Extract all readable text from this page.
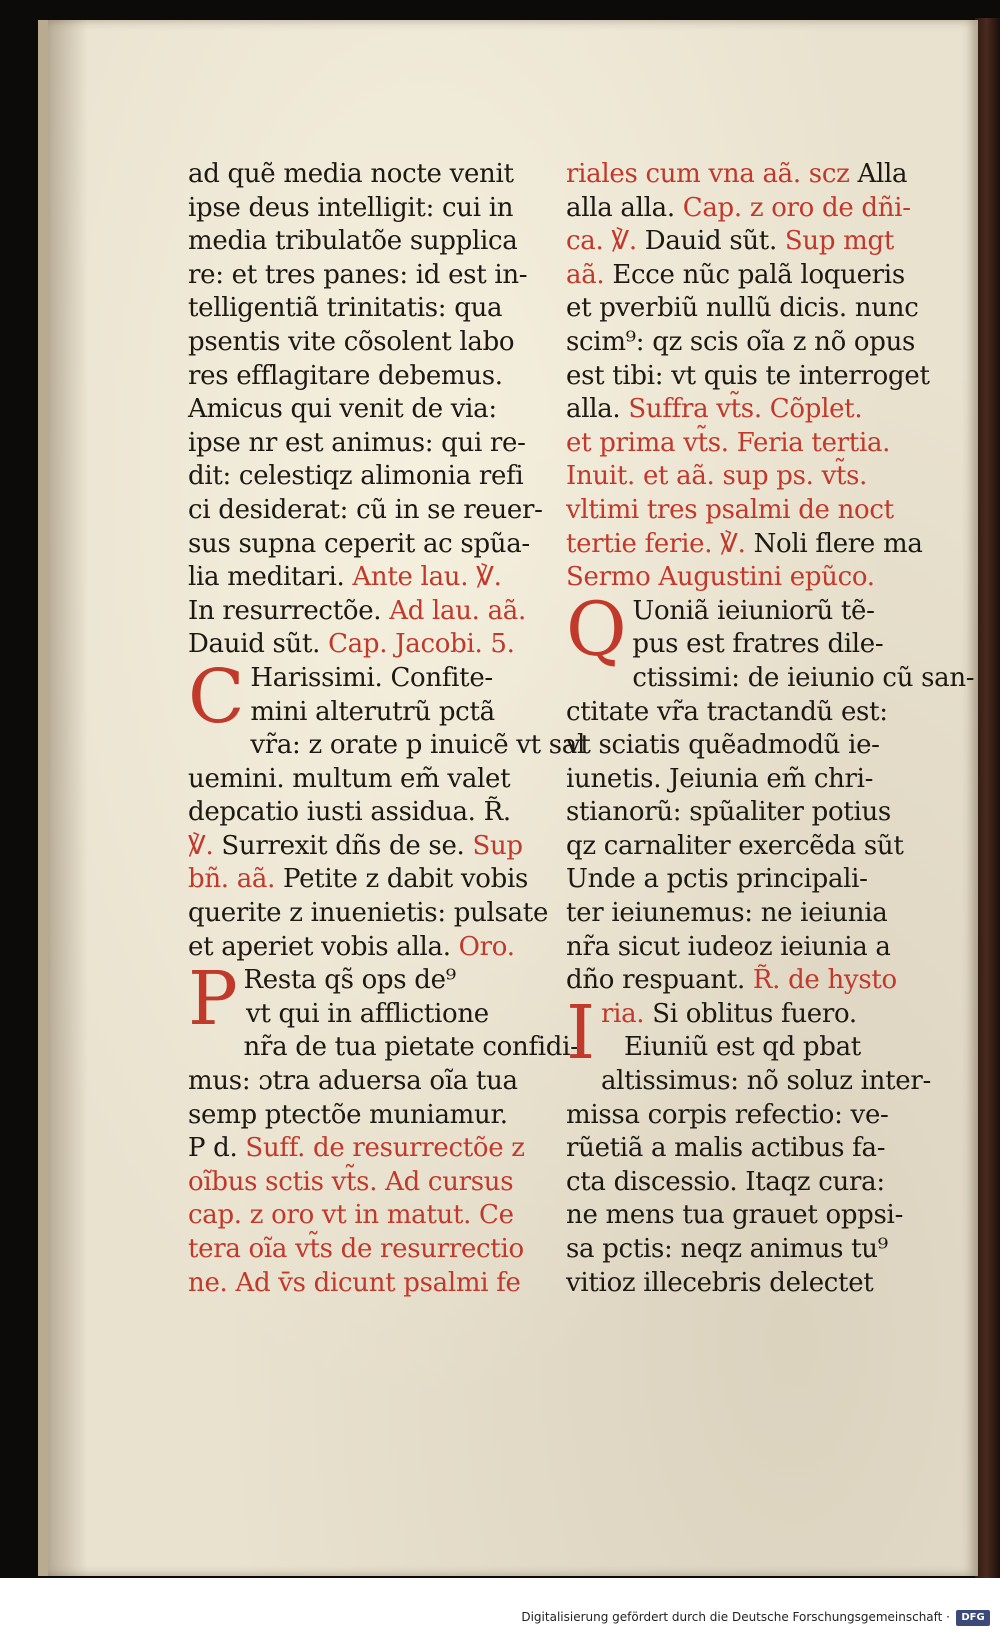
ad quẽ media nocte venit
ipse deus intelligit: cui in
media tribulatõe supplica
re: et tres panes: id est in-
telligentiã trinitatis: qua
psentis vite cõsolent labo
res efflagitare debemus.
Amicus qui venit de via:
ipse nr est animus: qui re-
dit: celestiqz alimonia refi
ci desiderat: cũ in se reuer-
sus supna ceperit ac spũa-
lia meditari. Ante lau. ℣.
In resurrectõe. Ad lau. aã.
Dauid sũt. Cap. Jacobi. 5.
C Harissimi. Confite-
mini alterutrũ pctã
vr̃a: z orate p inuicẽ vt sal
uemini. multum em̃ valet
depcatio iusti assidua. R̃.
℣. Surrexit dñs de se. Sup
bñ. aã. Petite z dabit vobis
querite z inuenietis: pulsate
et aperiet vobis alla. Oro.
P Resta qs̃ ops de⁹
vt qui in afflictione
nr̃a de tua pietate confidi-
mus: ɔtra aduersa oĩa tua
semp ptectõe muniamur.
P d. Suff. de resurrectõe z
oĩbus sctis vt̃s. Ad cursus
cap. z oro vt in matut. Ce
tera oĩa vt̃s de resurrectio
ne. Ad v̄s dicunt psalmi fe
riales cum vna aã. scz Alla
alla alla. Cap. z oro de dñi-
ca. ℣. Dauid sũt. Sup mgt
aã. Ecce nũc palã loqueris
et pverbiũ nullũ dicis. nunc
scim⁹: qz scis oĩa z nõ opus
est tibi: vt quis te interroget
alla. Suffra vt̃s. Cõplet.
et prima vt̃s. Feria tertia.
Inuit. et aã. sup ps. vt̃s.
vltimi tres psalmi de noct
tertie ferie. ℣. Noli flere ma
Sermo Augustini epũco.
Q Uoniã ieiuniorũ tẽ-
pus est fratres dile-
ctissimi: de ieiunio cũ san-
ctitate vr̃a tractandũ est:
vt sciatis quẽadmodũ ie-
iunetis. Jeiunia em̃ chri-
stianorũ: spũaliter potius
qz carnaliter exercẽda sũt
Unde a pctis principali-
ter ieiunemus: ne ieiunia
nr̃a sicut iudeoz ieiunia a
dño respuant. R̃. de hysto
Iria. Si oblitus fuero.
Eiuniũ est qd pbat
altissimus: nõ soluz inter-
missa corpis refectio: ve-
rũetiã a malis actibus fa-
cta discessio. Itaqz cura:
ne mens tua grauet oppsi-
sa pctis: neqz animus tu⁹
vitioz illecebris delectet
Digitalisierung gefördert durch die Deutsche Forschungsgemeinschaft ·	DFG
